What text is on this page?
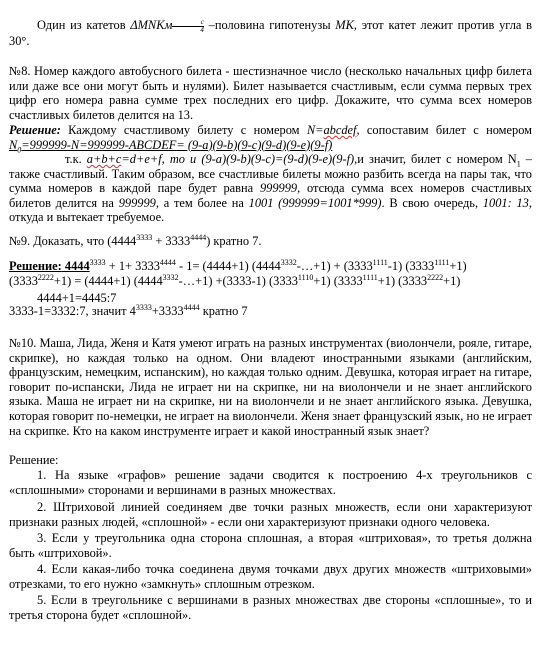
Один из катетов ΔMNKм $\frac{c}{4}$ –половина гипотенузы МК, этот катет лежит против угла в 30°.

№8. Номер каждого автобусного билета - шестизначное число (несколько начальных цифр билета или даже все они могут быть и нулями). Билет называется счастливым, если сумма первых трех цифр его номера равна сумме трех последних его цифр. Докажите, что сумма всех номеров счастливых билетов делится на 13.

Решение: Каждому счастливому билету с номером N=abcdef, сопоставим билет с номером $N_0=999999-N=999999-ABCDEF= (9-a)(9-b)(9-c)(9-d)(9-e)(9-f)$

т.к. a+b+c=d+e+f, то и (9-a)(9-b)(9-c)=(9-d)(9-e)(9-f),и значит, билет с номером $N_1$ – также счастливый. Таким образом, все счастливые билеты можно разбить всегда на пары так, что сумма номеров в каждой паре будет равна 999999, отсюда сумма всех номеров счастливых билетов делится на 999999, а тем более на 1001 (999999=1001*999). В свою очередь, 1001: 13, откуда и вытекает требуемое.

№9. Доказать, что $(4444^{3333} + 3333^{4444})$ кратно 7.

Решение: $4444^{3333} + 1+ 3333^{4444} - 1= (4444+1)$ $(4444^{3332}-\dots+1) + (3333^{1111}-1)$ $(3333^{1111}+1)$
$(3333^{2222}+1) = (4444+1)$ $(4444^{3332}-\dots+1) +(3333-1)$ $(3333^{1110}+1)$ $(3333^{1111}+1)$ $(3333^{2222}+1)$

4444+1=4445:7

3333-1=3332:7, значит $4^{3333}+3333^{4444}$ кратно 7

№10. Маша, Лида, Женя и Катя умеют играть на разных инструментах (виолончели, рояле, гитаре, скрипке), но каждая только на одном. Они владеют иностранными языками (английским, французским, немецким, испанским), но каждая только одним. Девушка, которая играет на гитаре, говорит по-испански, Лида не играет ни на скрипке, ни на виолончели и не знает английского языка. Маша не играет ни на скрипке, ни на виолончели и не знает английского языка. Девушка, которая говорит по-немецки, не играет на виолончели. Женя знает французский язык, но не играет на скрипке. Кто на каком инструменте играет и какой иностранный язык знает?

Решение:

1. На языке «графов» решение задачи сводится к построению 4-х треугольников с «сплошными» сторонами и вершинами в разных множествах.

2. Штриховой линией соединяем две точки разных множеств, если они характеризуют признаки разных людей, «сплошной» - если они характеризуют признаки одного человека.

3. Если у треугольника одна сторона сплошная, а вторая «штриховая», то третья должна быть «штриховой».

4. Если какая-либо точка соединена двумя точками двух других множеств «штриховыми» отрезками, то его нужно «замкнуть» сплошным отрезком.

5. Если в треугольнике с вершинами в разных множествах две стороны «сплошные», то и третья сторона будет «сплошной».
